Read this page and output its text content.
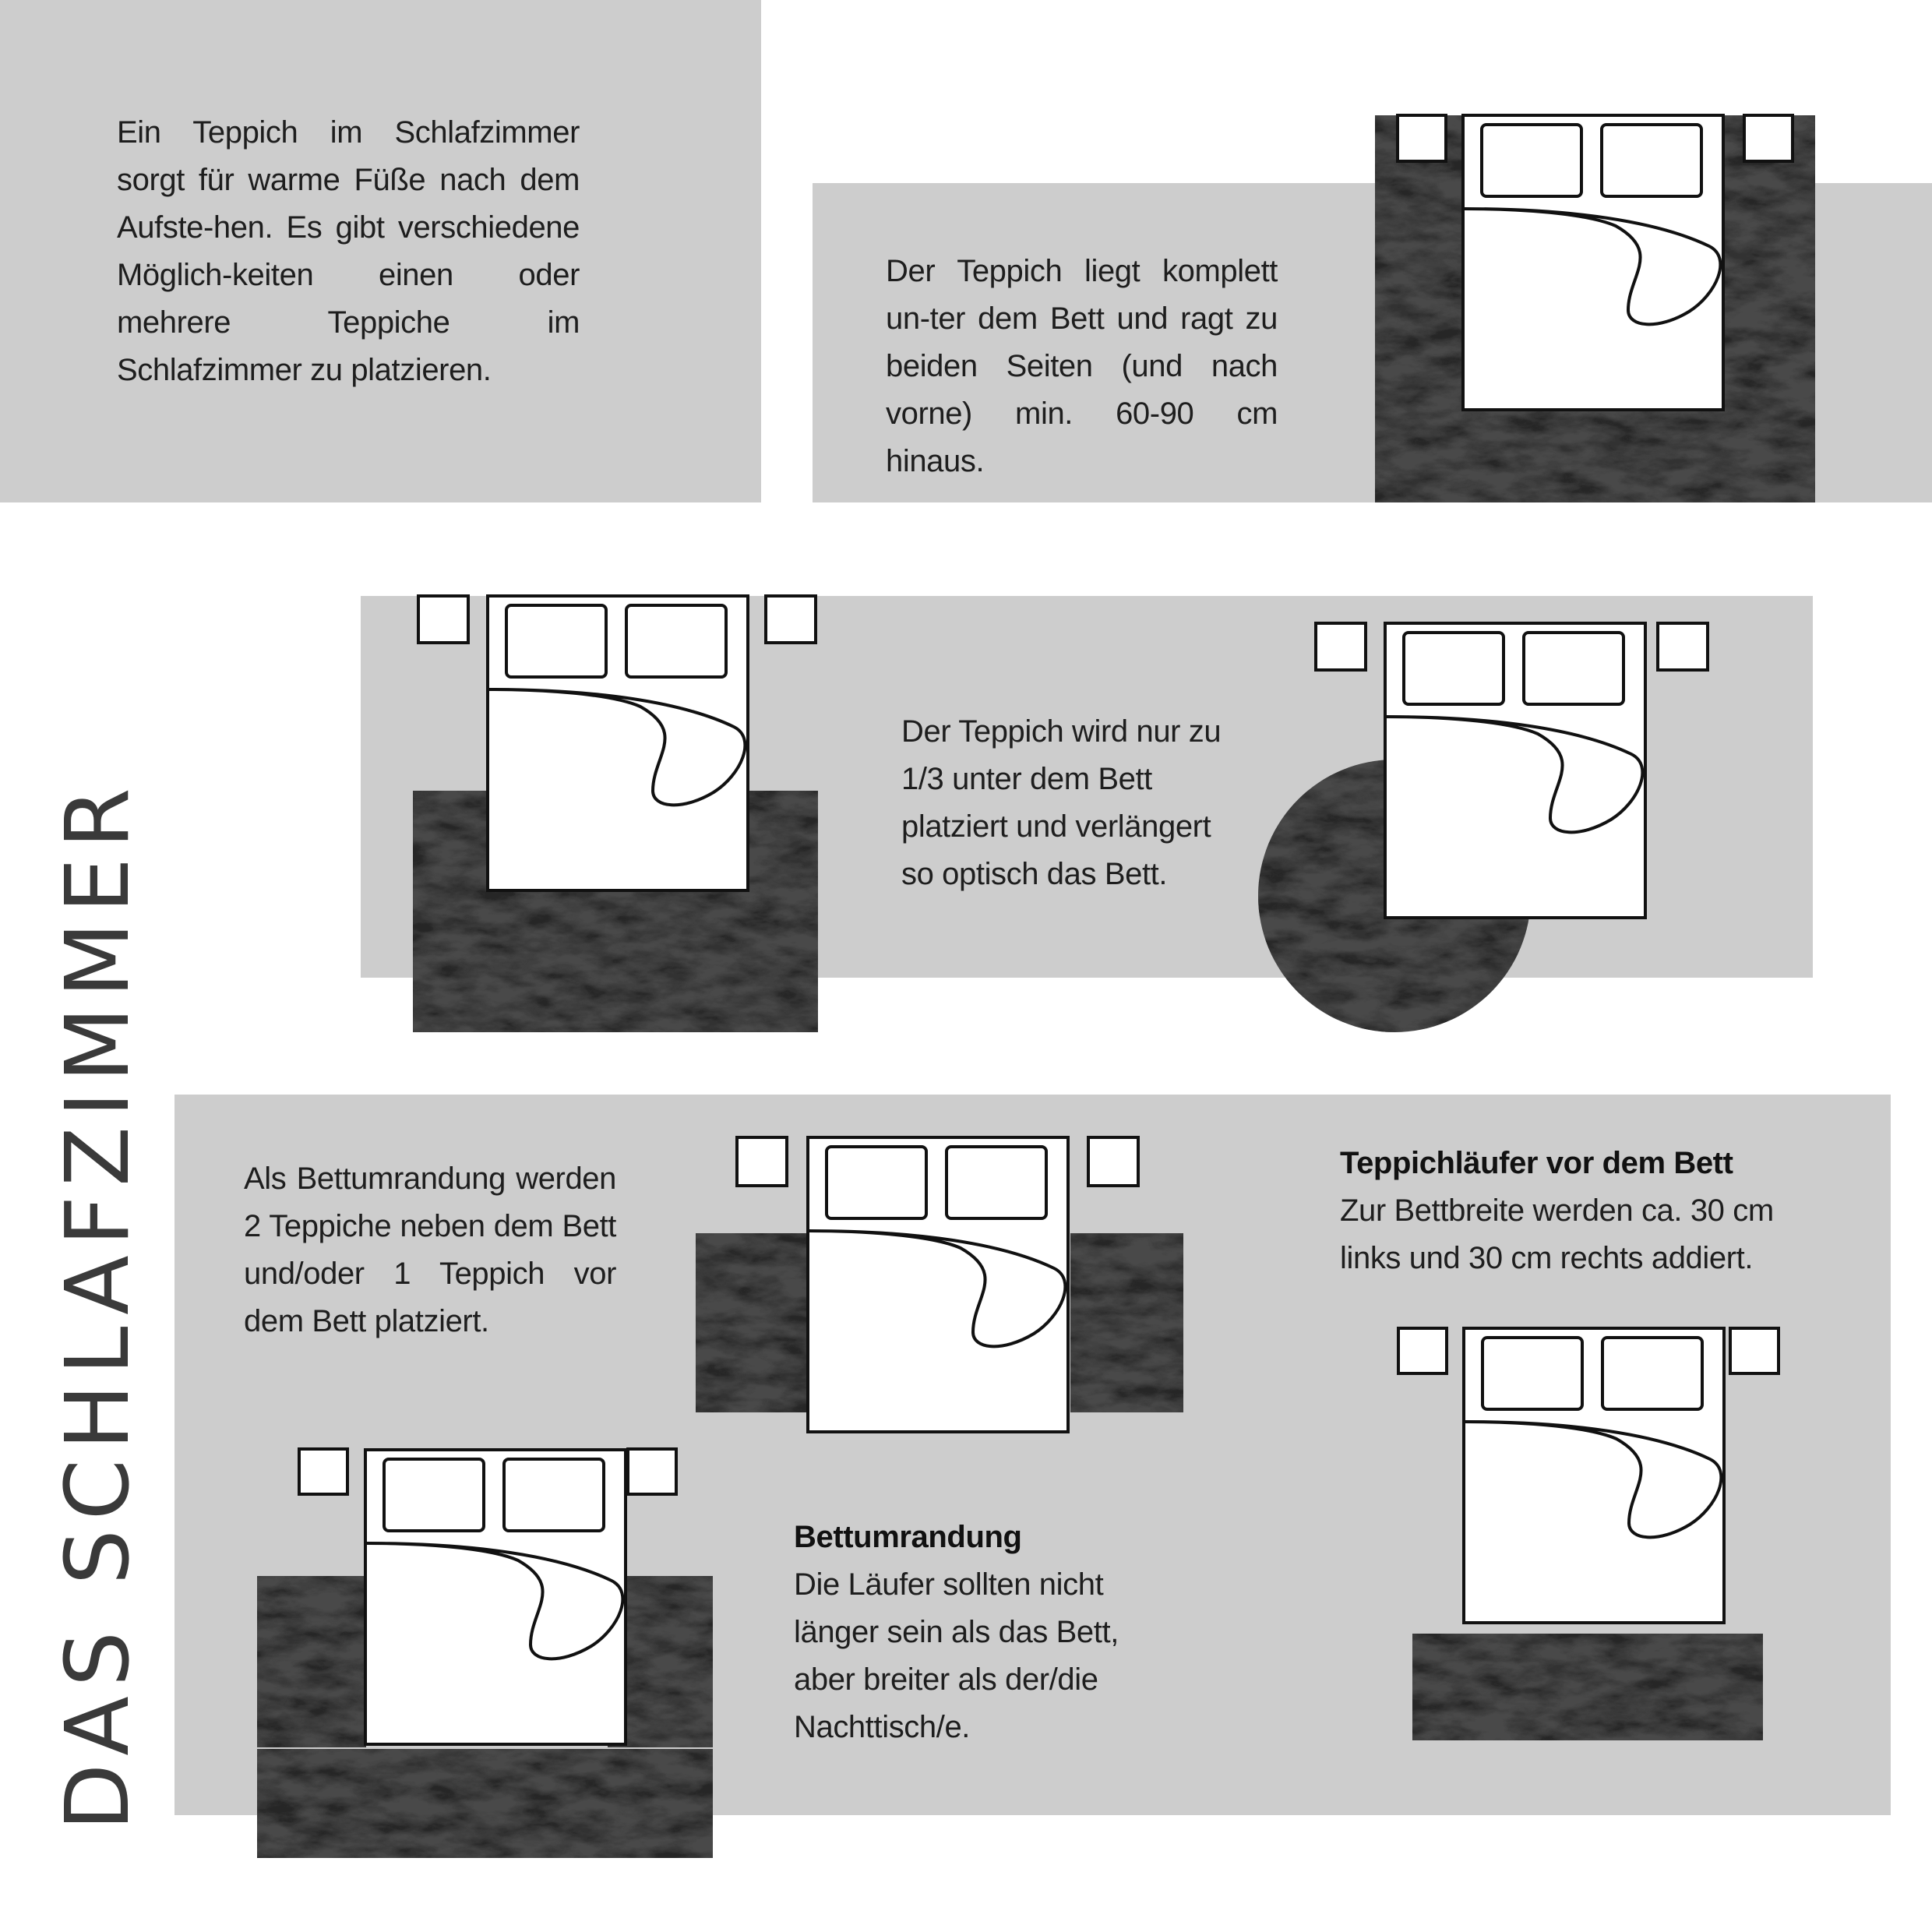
DAS SCHLAFZIMMER
Ein Teppich im Schlafzimmer sorgt für warme Füße nach dem Aufste-hen. Es gibt verschiedene Möglich-keiten einen oder mehrere Teppiche im Schlafzimmer zu platzieren.
Der Teppich liegt komplett un-ter dem Bett und ragt zu beiden Seiten (und nach vorne) min. 60-90 cm hinaus.
Der Teppich wird nur zu 1/3 unter dem Bett platziert und verlängert so optisch das Bett.
Als Bettumrandung werden 2 Teppiche neben dem Bett und/oder 1 Teppich vor dem Bett platziert.
Bettumrandung
Die Läufer sollten nicht länger sein als das Bett, aber breiter als der/die Nachttisch/e.
Teppichläufer vor dem Bett
Zur Bettbreite werden ca. 30 cm links und 30 cm rechts addiert.
